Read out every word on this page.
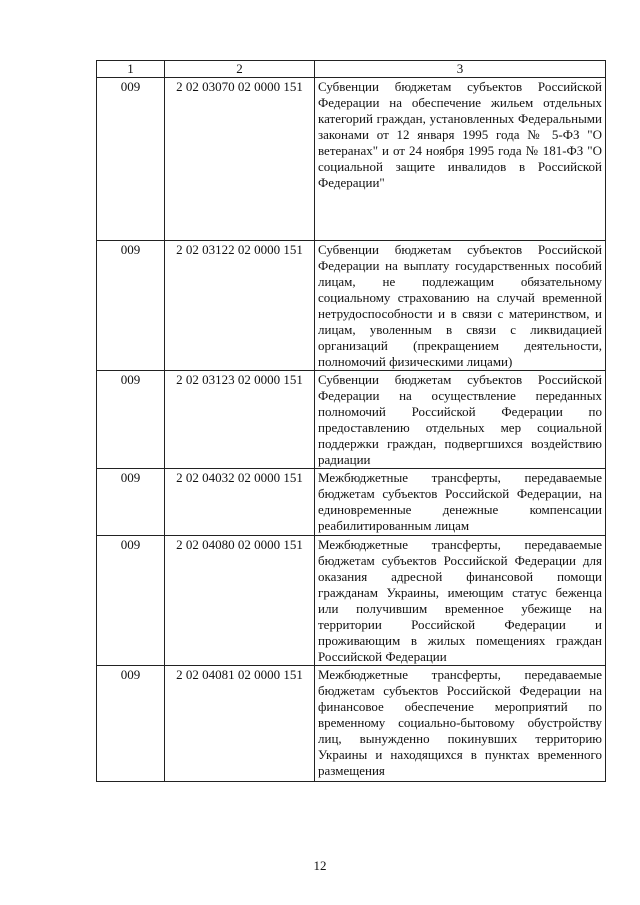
1	2	3
009	2 02 03070 02 0000 151	Субвенции бюджетам субъектов Российской Федерации на обеспечение жильем отдельных категорий граждан, установленных Федеральными законами от 12 января 1995 года № 5-ФЗ "О ветеранах" и от 24 ноября 1995 года № 181-ФЗ "О социальной защите инвалидов в Российской Федерации"
009	2 02 03122 02 0000 151	Субвенции бюджетам субъектов Российской Федерации на выплату государственных пособий лицам, не подлежащим обязательному социальному страхованию на случай временной нетрудоспособности и в связи с материнством, и лицам, уволенным в связи с ликвидацией организаций (прекращением деятельности, полномочий физическими лицами)
009	2 02 03123 02 0000 151	Субвенции бюджетам субъектов Российской Федерации на осуществление переданных полномочий Российской Федерации по предоставлению отдельных мер социальной поддержки граждан, подвергшихся воздействию радиации
009	2 02 04032 02 0000 151	Межбюджетные трансферты, передаваемые бюджетам субъектов Российской Федерации, на единовременные денежные компенсации реабилитированным лицам
009	2 02 04080 02 0000 151	Межбюджетные трансферты, передаваемые бюджетам субъектов Российской Федерации для оказания адресной финансовой помощи гражданам Украины, имеющим статус беженца или получившим временное убежище на территории Российской Федерации и проживающим в жилых помещениях граждан Российской Федерации
009	2 02 04081 02 0000 151	Межбюджетные трансферты, передаваемые бюджетам субъектов Российской Федерации на финансовое обеспечение мероприятий по временному социально-бытовому обустройству лиц, вынужденно покинувших территорию Украины и находящихся в пунктах временного размещения
12
